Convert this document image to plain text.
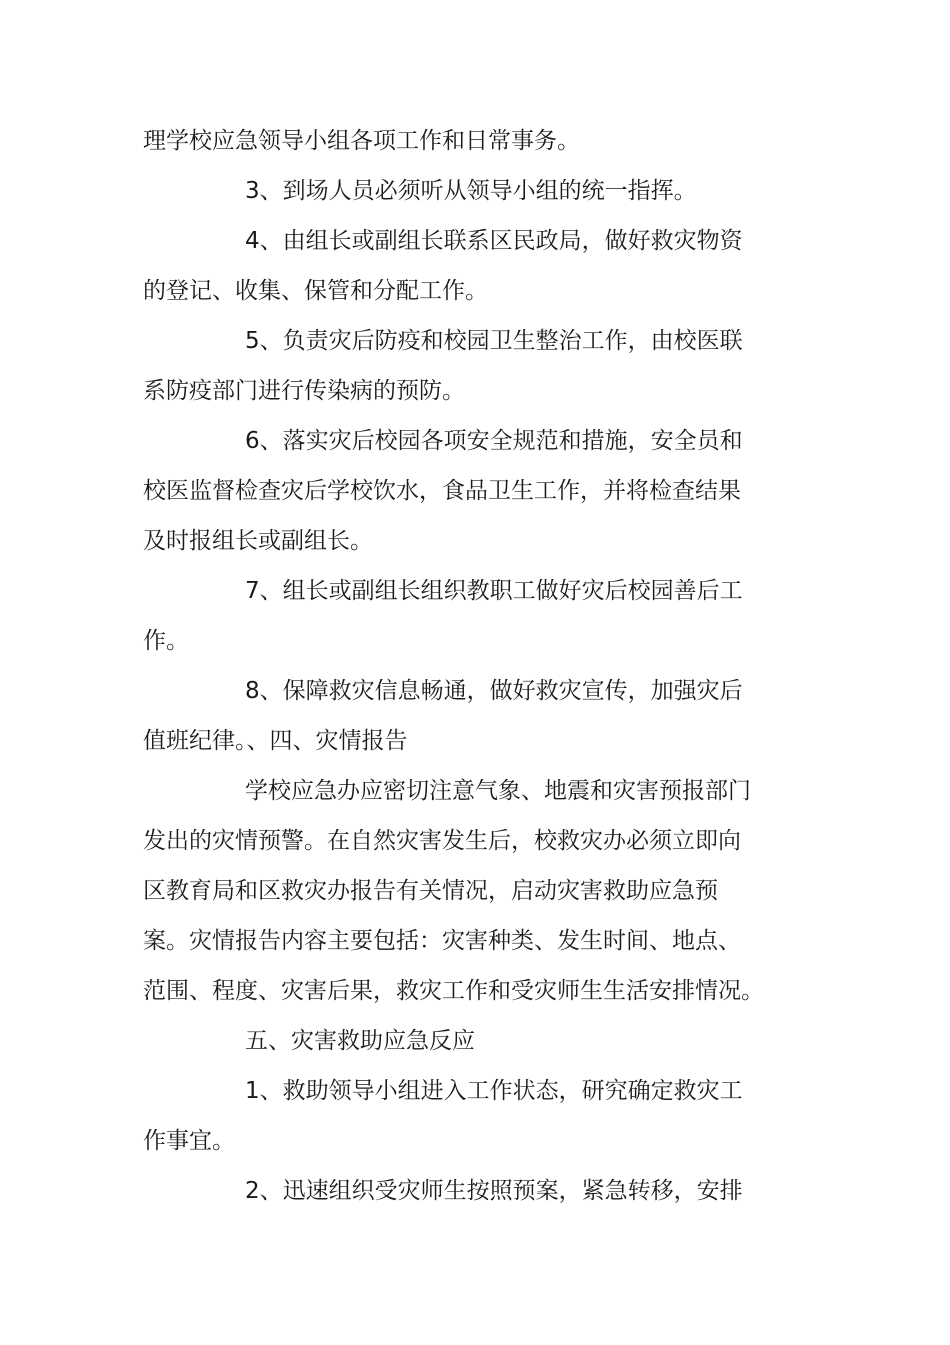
理学校应急领导小组各项工作和日常事务。
3、到场人员必须听从领导小组的统一指挥。
4、由组长或副组长联系区民政局，做好救灾物资
的登记、收集、保管和分配工作。
5、负责灾后防疫和校园卫生整治工作，由校医联
系防疫部门进行传染病的预防。
6、落实灾后校园各项安全规范和措施，安全员和
校医监督检查灾后学校饮水，食品卫生工作，并将检查结果
及时报组长或副组长。
7、组长或副组长组织教职工做好灾后校园善后工
作。
8、保障救灾信息畅通，做好救灾宣传，加强灾后
值班纪律。、四、灾情报告
学校应急办应密切注意气象、地震和灾害预报部门
发出的灾情预警。在自然灾害发生后，校救灾办必须立即向
区教育局和区救灾办报告有关情况，启动灾害救助应急预
案。灾情报告内容主要包括：灾害种类、发生时间、地点、
范围、程度、灾害后果，救灾工作和受灾师生生活安排情况。
五、灾害救助应急反应
1、救助领导小组进入工作状态，研究确定救灾工
作事宜。
2、迅速组织受灾师生按照预案，紧急转移，安排
